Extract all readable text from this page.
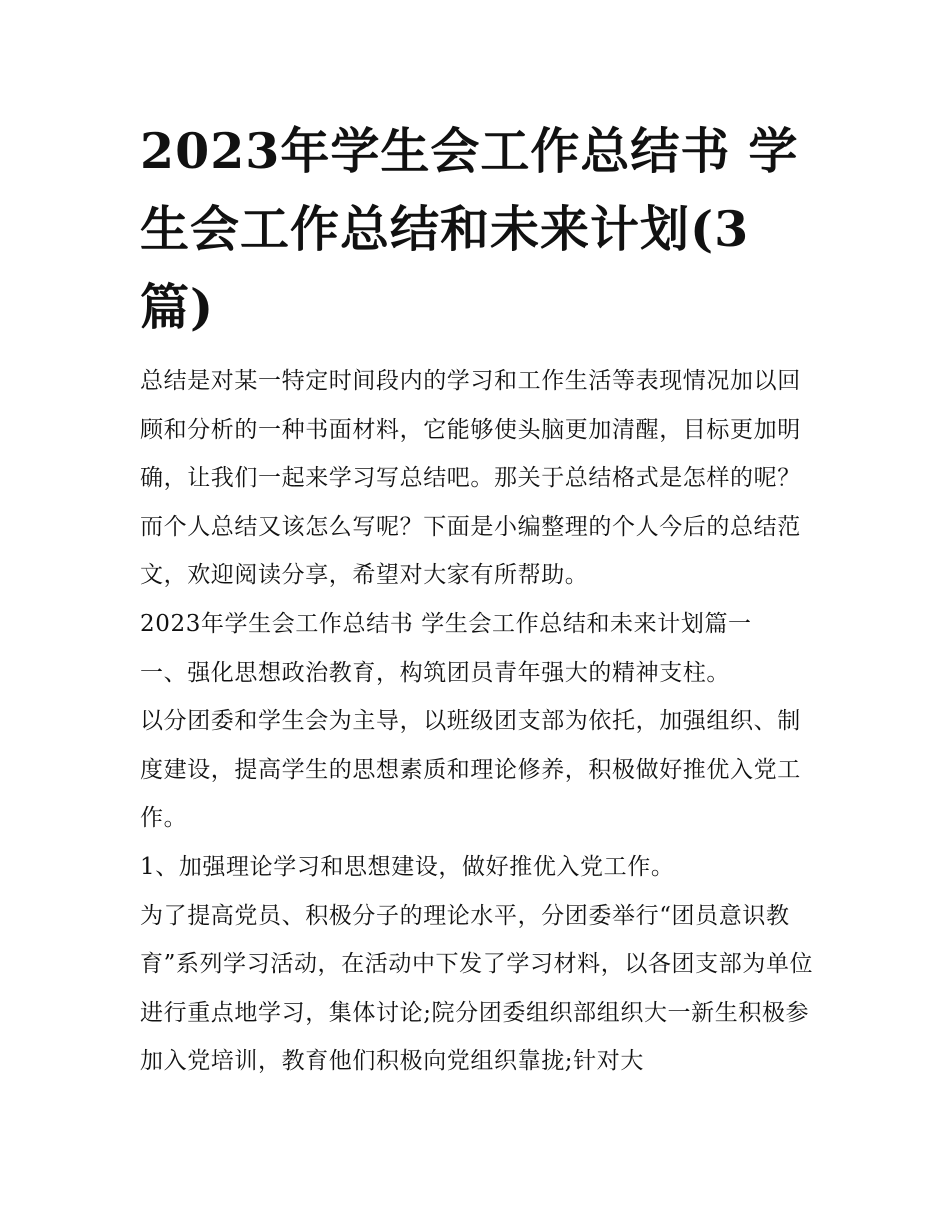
2023年学生会工作总结书 学生会工作总结和未来计划(3篇)

总结是对某一特定时间段内的学习和工作生活等表现情况加以回顾和分析的一种书面材料，它能够使头脑更加清醒，目标更加明确，让我们一起来学习写总结吧。那关于总结格式是怎样的呢？而个人总结又该怎么写呢？下面是小编整理的个人今后的总结范文，欢迎阅读分享，希望对大家有所帮助。

2023年学生会工作总结书 学生会工作总结和未来计划篇一

一、强化思想政治教育，构筑团员青年强大的精神支柱。

以分团委和学生会为主导，以班级团支部为依托，加强组织、制度建设，提高学生的思想素质和理论修养，积极做好推优入党工作。

1、加强理论学习和思想建设，做好推优入党工作。

为了提高党员、积极分子的理论水平，分团委举行“团员意识教育”系列学习活动，在活动中下发了学习材料，以各团支部为单位进行重点地学习，集体讨论;院分团委组织部组织大一新生积极参加入党培训，教育他们积极向党组织靠拢;针对大
